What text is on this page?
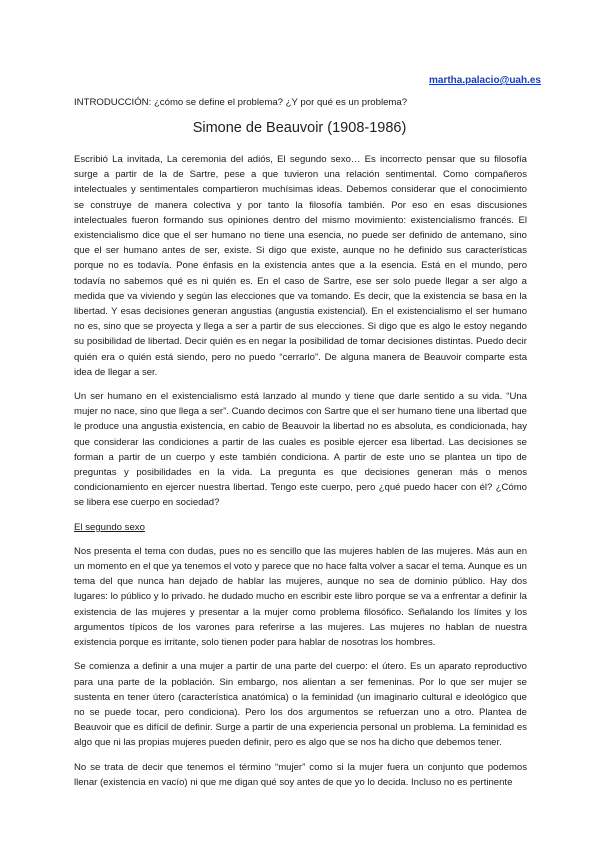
martha.palacio@uah.es
INTRODUCCIÓN: ¿cómo se define el problema? ¿Y por qué es un problema?
Simone de Beauvoir (1908-1986)

Escribió La invitada, La ceremonia del adiós, El segundo sexo… Es incorrecto pensar que su filosofía surge a partir de la de Sartre, pese a que tuvieron una relación sentimental. Como compañeros intelectuales y sentimentales compartieron muchísimas ideas. Debemos considerar que el conocimiento se construye de manera colectiva y por tanto la filosofía también. Por eso en esas discusiones intelectuales fueron formando sus opiniones dentro del mismo movimiento: existencialismo francés. El existencialismo dice que el ser humano no tiene una esencia, no puede ser definido de antemano, sino que el ser humano antes de ser, existe. Si digo que existe, aunque no he definido sus características porque no es todavía. Pone énfasis en la existencia antes que a la esencia. Está en el mundo, pero todavía no sabemos qué es ni quién es. En el caso de Sartre, ese ser solo puede llegar a ser algo a medida que va viviendo y según las elecciones que va tomando. Es decir, que la existencia se basa en la libertad. Y esas decisiones generan angustias (angustia existencial). En el existencialismo el ser humano no es, sino que se proyecta y llega a ser a partir de sus elecciones. Si digo que es algo le estoy negando su posibilidad de libertad. Decir quién es en negar la posibilidad de tomar decisiones distintas. Puedo decir quién era o quién está siendo, pero no puedo “cerrarlo”. De alguna manera de Beauvoir comparte esta idea de llegar a ser.

Un ser humano en el existencialismo está lanzado al mundo y tiene que darle sentido a su vida. “Una mujer no nace, sino que llega a ser”. Cuando decimos con Sartre que el ser humano tiene una libertad que le produce una angustia existencia, en cabio de Beauvoir la libertad no es absoluta, es condicionada, hay que considerar las condiciones a partir de las cuales es posible ejercer esa libertad. Las decisiones se forman a partir de un cuerpo y este también condiciona. A partir de este uno se plantea un tipo de preguntas y posibilidades en la vida. La pregunta es que decisiones generan más o menos condicionamiento en ejercer nuestra libertad. Tengo este cuerpo, pero ¿qué puedo hacer con él? ¿Cómo se libera ese cuerpo en sociedad?

El segundo sexo

Nos presenta el tema con dudas, pues no es sencillo que las mujeres hablen de las mujeres. Más aun en un momento en el que ya tenemos el voto y parece que no hace falta volver a sacar el tema. Aunque es un tema del que nunca han dejado de hablar las mujeres, aunque no sea de dominio público. Hay dos lugares: lo público y lo privado. he dudado mucho en escribir este libro porque se va a enfrentar a definir la existencia de las mujeres y presentar a la mujer como problema filosófico. Señalando los límites y los argumentos típicos de los varones para referirse a las mujeres. Las mujeres no hablan de nuestra existencia porque es irritante, solo tienen poder para hablar de nosotras los hombres.

Se comienza a definir a una mujer a partir de una parte del cuerpo: el útero. Es un aparato reproductivo para una parte de la población. Sin embargo, nos alientan a ser femeninas. Por lo que ser mujer se sustenta en tener útero (característica anatómica) o la feminidad (un imaginario cultural e ideológico que no se puede tocar, pero condiciona). Pero los dos argumentos se refuerzan uno a otro. Plantea de Beauvoir que es difícil de definir. Surge a partir de una experiencia personal un problema. La feminidad es algo que ni las propias mujeres pueden definir, pero es algo que se nos ha dicho que debemos tener.

No se trata de decir que tenemos el término “mujer” como si la mujer fuera un conjunto que podemos llenar (existencia en vacío) ni que me digan qué soy antes de que yo lo decida. Incluso no es pertinente
